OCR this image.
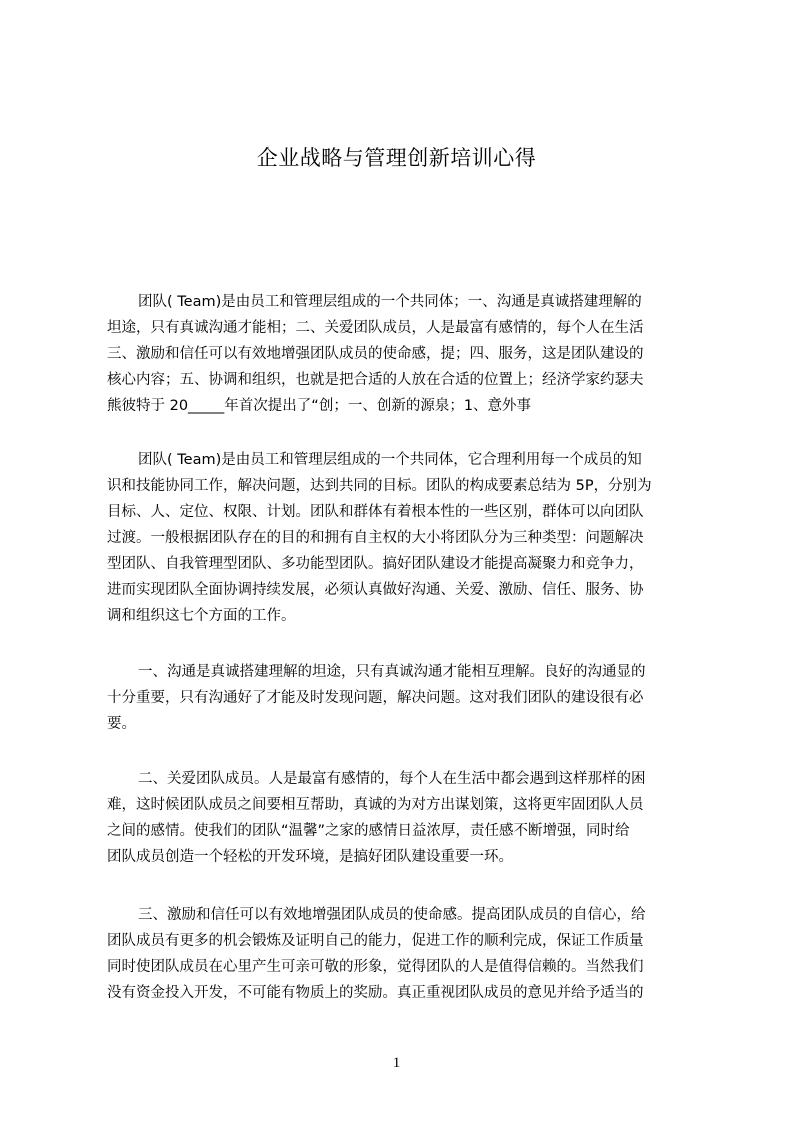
企业战略与管理创新培训心得
团队( Team)是由员工和管理层组成的一个共同体；一、沟通是真诚搭建理解的
坦途，只有真诚沟通才能相；二、关爱团队成员，人是最富有感情的，每个人在生活
三、激励和信任可以有效地增强团队成员的使命感，提；四、服务，这是团队建设的
核心内容；五、协调和组织，也就是把合适的人放在合适的位置上；经济学家约瑟夫
熊彼特于 20_____年首次提出了“创；一、创新的源泉；1、意外事
团队( Team)是由员工和管理层组成的一个共同体，它合理利用每一个成员的知
识和技能协同工作，解决问题，达到共同的目标。团队的构成要素总结为 5P，分别为
目标、人、定位、权限、计划。团队和群体有着根本性的一些区别，群体可以向团队
过渡。一般根据团队存在的目的和拥有自主权的大小将团队分为三种类型：问题解决
型团队、自我管理型团队、多功能型团队。搞好团队建设才能提高凝聚力和竞争力，
进而实现团队全面协调持续发展，必须认真做好沟通、关爱、激励、信任、服务、协
调和组织这七个方面的工作。
一、沟通是真诚搭建理解的坦途，只有真诚沟通才能相互理解。良好的沟通显的
十分重要，只有沟通好了才能及时发现问题，解决问题。这对我们团队的建设很有必
要。
二、关爱团队成员。人是最富有感情的，每个人在生活中都会遇到这样那样的困
难，这时候团队成员之间要相互帮助，真诚的为对方出谋划策，这将更牢固团队人员
之间的感情。使我们的团队“温馨”之家的感情日益浓厚，责任感不断增强，同时给
团队成员创造一个轻松的开发环境，是搞好团队建设重要一环。
三、激励和信任可以有效地增强团队成员的使命感。提高团队成员的自信心，给
团队成员有更多的机会锻炼及证明自己的能力，促进工作的顺利完成，保证工作质量
同时使团队成员在心里产生可亲可敬的形象，觉得团队的人是值得信赖的。当然我们
没有资金投入开发，不可能有物质上的奖励。真正重视团队成员的意见并给予适当的
1
